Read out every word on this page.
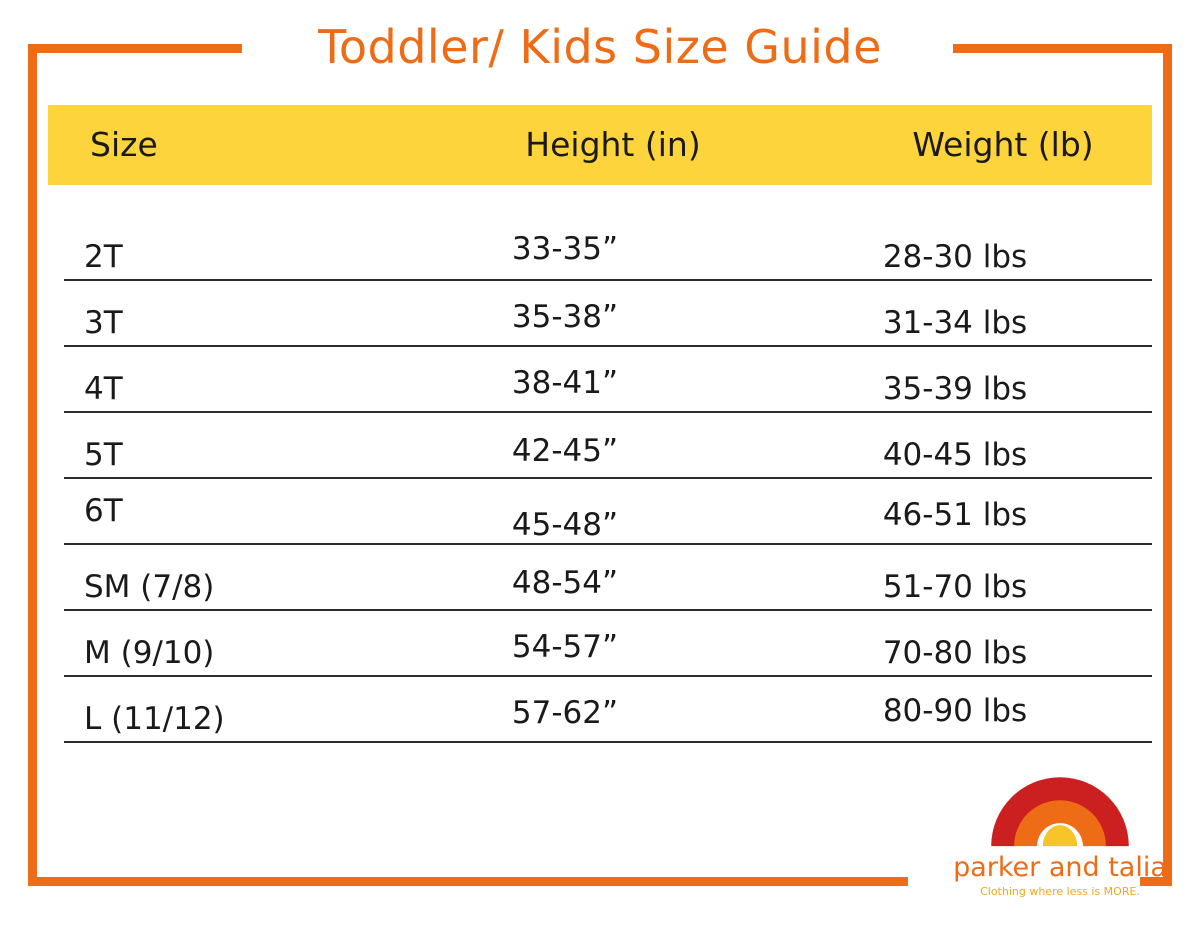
Toddler/ Kids Size Guide
Size	Height (in)	Weight (lb)
2T	33-35”	28-30 lbs
3T	35-38”	31-34 lbs
4T	38-41”	35-39 lbs
5T	42-45”	40-45 lbs
6T	45-48”	46-51 lbs
SM (7/8)	48-54”	51-70 lbs
M (9/10)	54-57”	70-80 lbs
L (11/12)	57-62”	80-90 lbs
parker and talia
Clothing where less is MORE.
